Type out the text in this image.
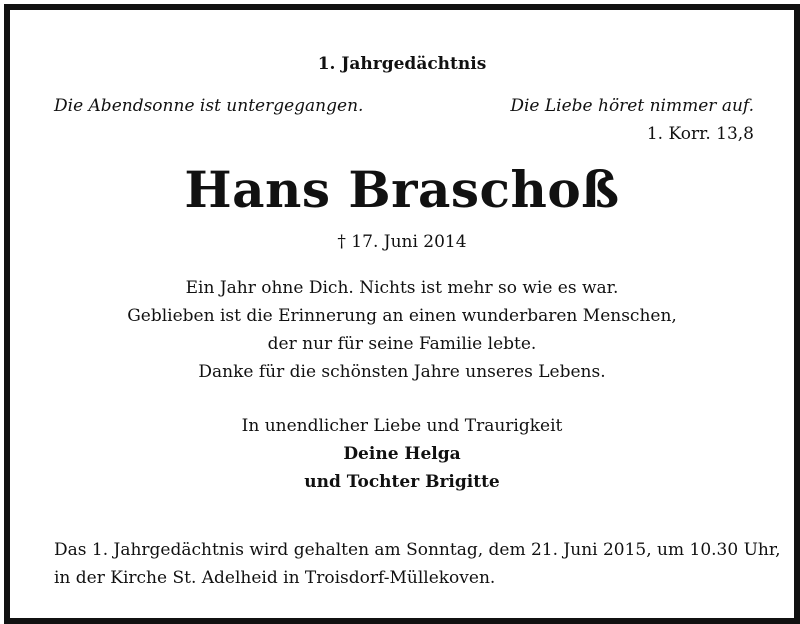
1. Jahrgedächtnis
Die Abendsonne ist untergegangen.	Die Liebe höret nimmer auf.
1. Korr. 13,8
Hans Braschoß
† 17. Juni 2014
Ein Jahr ohne Dich. Nichts ist mehr so wie es war.
Geblieben ist die Erinnerung an einen wunderbaren Menschen,
der nur für seine Familie lebte.
Danke für die schönsten Jahre unseres Lebens.
In unendlicher Liebe und Traurigkeit
Deine Helga
und Tochter Brigitte
Das 1. Jahrgedächtnis wird gehalten am Sonntag, dem 21. Juni 2015, um 10.30 Uhr,
in der Kirche St. Adelheid in Troisdorf-Müllekoven.
